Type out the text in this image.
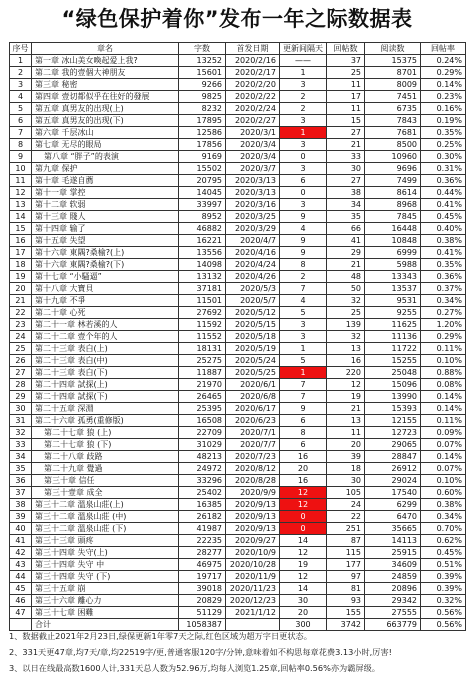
“绿色保护着你”发布一年之际数据表
序号	章名	字数	首发日期	更新间隔天	回帖数	阅读数	回帖率
1	第一章 冰山美女喚起爱上我?	13252	2020/2/16	——	37	15375	0.24%
2	第二章 我的壹個大神朋友	15601	2020/2/17	1	25	8701	0.29%
3	第三章 秘密	9266	2020/2/20	3	11	8009	0.14%
4	第四章 壹切都似乎在往好的發展	9825	2020/2/22	2	17	7451	0.23%
5	第五章 真男友的出现(上)	8232	2020/2/24	2	11	6735	0.16%
6	第五章 真男友的出现(下)	17895	2020/2/27	3	15	7843	0.19%
7	第六章 千层冰山	12586	2020/3/1	1	27	7681	0.35%
8	第七章 无尽的眼局	17856	2020/3/4	3	21	8500	0.25%
9	第八章 “胖子”的表演	9169	2020/3/4	0	33	10960	0.30%
10	第九章 保护	15502	2020/3/7	3	30	9696	0.31%
11	第十章 毛遂自薦	20795	2020/3/13	6	27	7499	0.36%
12	第十一章 掌控	14045	2020/3/13	0	38	8614	0.44%
13	第十二章 软弱	33997	2020/3/16	3	34	8968	0.41%
14	第十三章 賤人	8952	2020/3/25	9	35	7845	0.45%
15	第十四章 输了	46882	2020/3/29	4	66	16448	0.40%
16	第十五章 失望	16221	2020/4/7	9	41	10848	0.38%
17	第十六章 東隅?桑榆?(上)	13556	2020/4/16	9	29	6999	0.41%
18	第十六章 東隅?桑榆?(下)	14098	2020/4/24	8	21	5988	0.35%
19	第十七章 “小騷逼”	13132	2020/4/26	2	48	13343	0.36%
20	第十八章 大寶貝	37181	2020/5/3	7	50	13537	0.37%
21	第十九章 不爭	11501	2020/5/7	4	32	9531	0.34%
22	第二十章 心死	27692	2020/5/12	5	25	9255	0.27%
23	第二十一章 林若溪的人	11592	2020/5/15	3	139	11625	1.20%
24	第二十二章 壹个年的人	11552	2020/5/18	3	32	11136	0.29%
25	第二十三章 表白(上)	18131	2020/5/19	1	13	11722	0.11%
26	第二十三章 表白(中)	25275	2020/5/24	5	16	15255	0.10%
27	第二十三章 表白(下)	11887	2020/5/25	1	220	25048	0.88%
28	第二十四章 試探(上)	21970	2020/6/1	7	12	15096	0.08%
29	第二十四章 試探(下)	26465	2020/6/8	7	19	13990	0.14%
30	第二十五章 深淵	25395	2020/6/17	9	21	15393	0.14%
31	第二十六章 孤勇(重修版)	16508	2020/6/23	6	13	12155	0.11%
32	第二十七章 狼 (上)	22709	2020/7/1	8	11	12723	0.09%
33	第二十七章 狼 (下)	31029	2020/7/7	6	20	29065	0.07%
34	第二十八章 歧路	48213	2020/7/23	16	39	28847	0.14%
35	第二十九章 覺過	24972	2020/8/12	20	18	26912	0.07%
36	第三十章 信任	33296	2020/8/28	16	30	29024	0.10%
37	第三十壹章 成全	25402	2020/9/9	12	105	17540	0.60%
38	第三十二章 溫泉山莊(上)	16385	2020/9/13	12	24	6299	0.38%
39	第三十二章 溫泉山莊 (中)	26182	2020/9/13	0	22	6470	0.34%
40	第三十二章 溫泉山莊 (下)	41987	2020/9/13	0	251	35665	0.70%
41	第三十三章 頭疼	22235	2020/9/27	14	87	14113	0.62%
42	第三十四章 失守(上)	28277	2020/10/9	12	115	25915	0.45%
43	第三十四章 失守 中	46975	2020/10/28	19	177	34609	0.51%
44	第三十四章 失守 (下)	19717	2020/11/9	12	97	24859	0.39%
45	第三十五章 崩	39018	2020/11/23	14	81	20896	0.39%
46	第三十六章 離心力	20829	2020/12/23	30	93	29342	0.32%
47	第三十七章 困難	51129	2021/1/12	20	155	27555	0.56%
	合计	1058387		300	3742	663779	0.56%
1、数据截止2021年2月23日,绿保更新1年零7天之际,红色区域为超万字日更状态。
2、331天更47章,均7天/章,均22519字/更,普通客服120字/分钟,意味着如不构思每章花费3.13小时,厉害!
3、以日在线最高数1600人计,331天总人数为52.96万,均每人浏览1.25章,回帖率0.56%亦为霸屏级。
